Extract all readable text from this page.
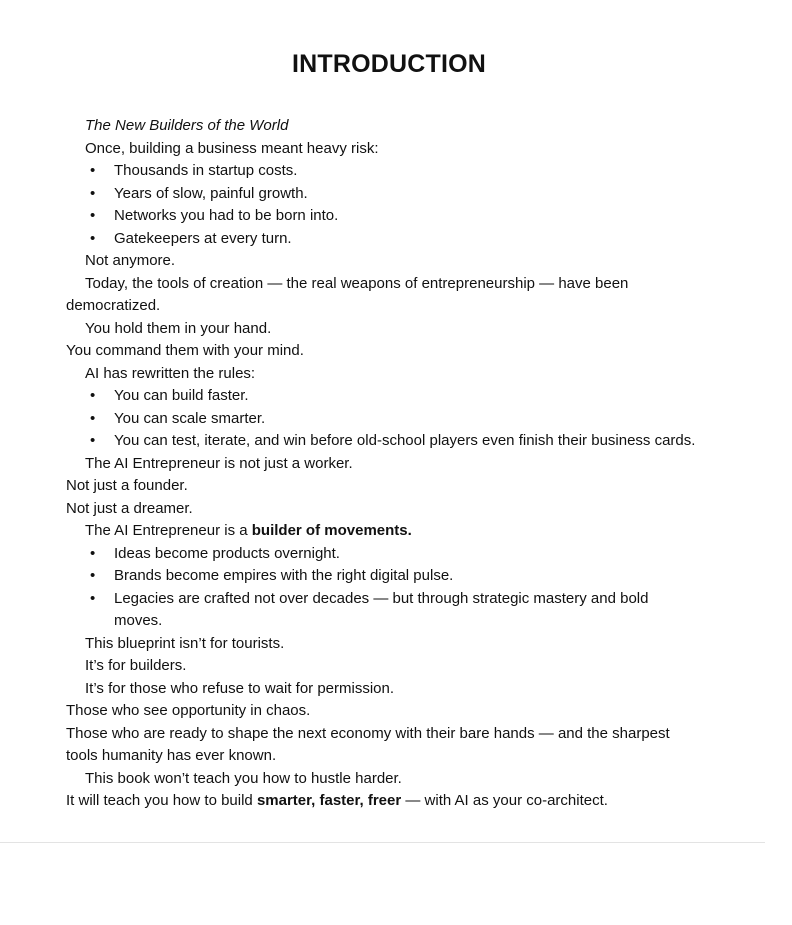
INTRODUCTION

The New Builders of the World

Once, building a business meant heavy risk:

• Thousands in startup costs.
• Years of slow, painful growth.
• Networks you had to be born into.
• Gatekeepers at every turn.

Not anymore.

Today, the tools of creation — the real weapons of entrepreneurship — have been democratized.

You hold them in your hand.

You command them with your mind.

AI has rewritten the rules:

• You can build faster.
• You can scale smarter.
• You can test, iterate, and win before old-school players even finish their business cards.

The AI Entrepreneur is not just a worker.

Not just a founder.

Not just a dreamer.

The AI Entrepreneur is a builder of movements.

• Ideas become products overnight.
• Brands become empires with the right digital pulse.
• Legacies are crafted not over decades — but through strategic mastery and bold moves.

This blueprint isn’t for tourists.

It’s for builders.

It’s for those who refuse to wait for permission.

Those who see opportunity in chaos.

Those who are ready to shape the next economy with their bare hands — and the sharpest tools humanity has ever known.

This book won’t teach you how to hustle harder.

It will teach you how to build smarter, faster, freer — with AI as your co-architect.
